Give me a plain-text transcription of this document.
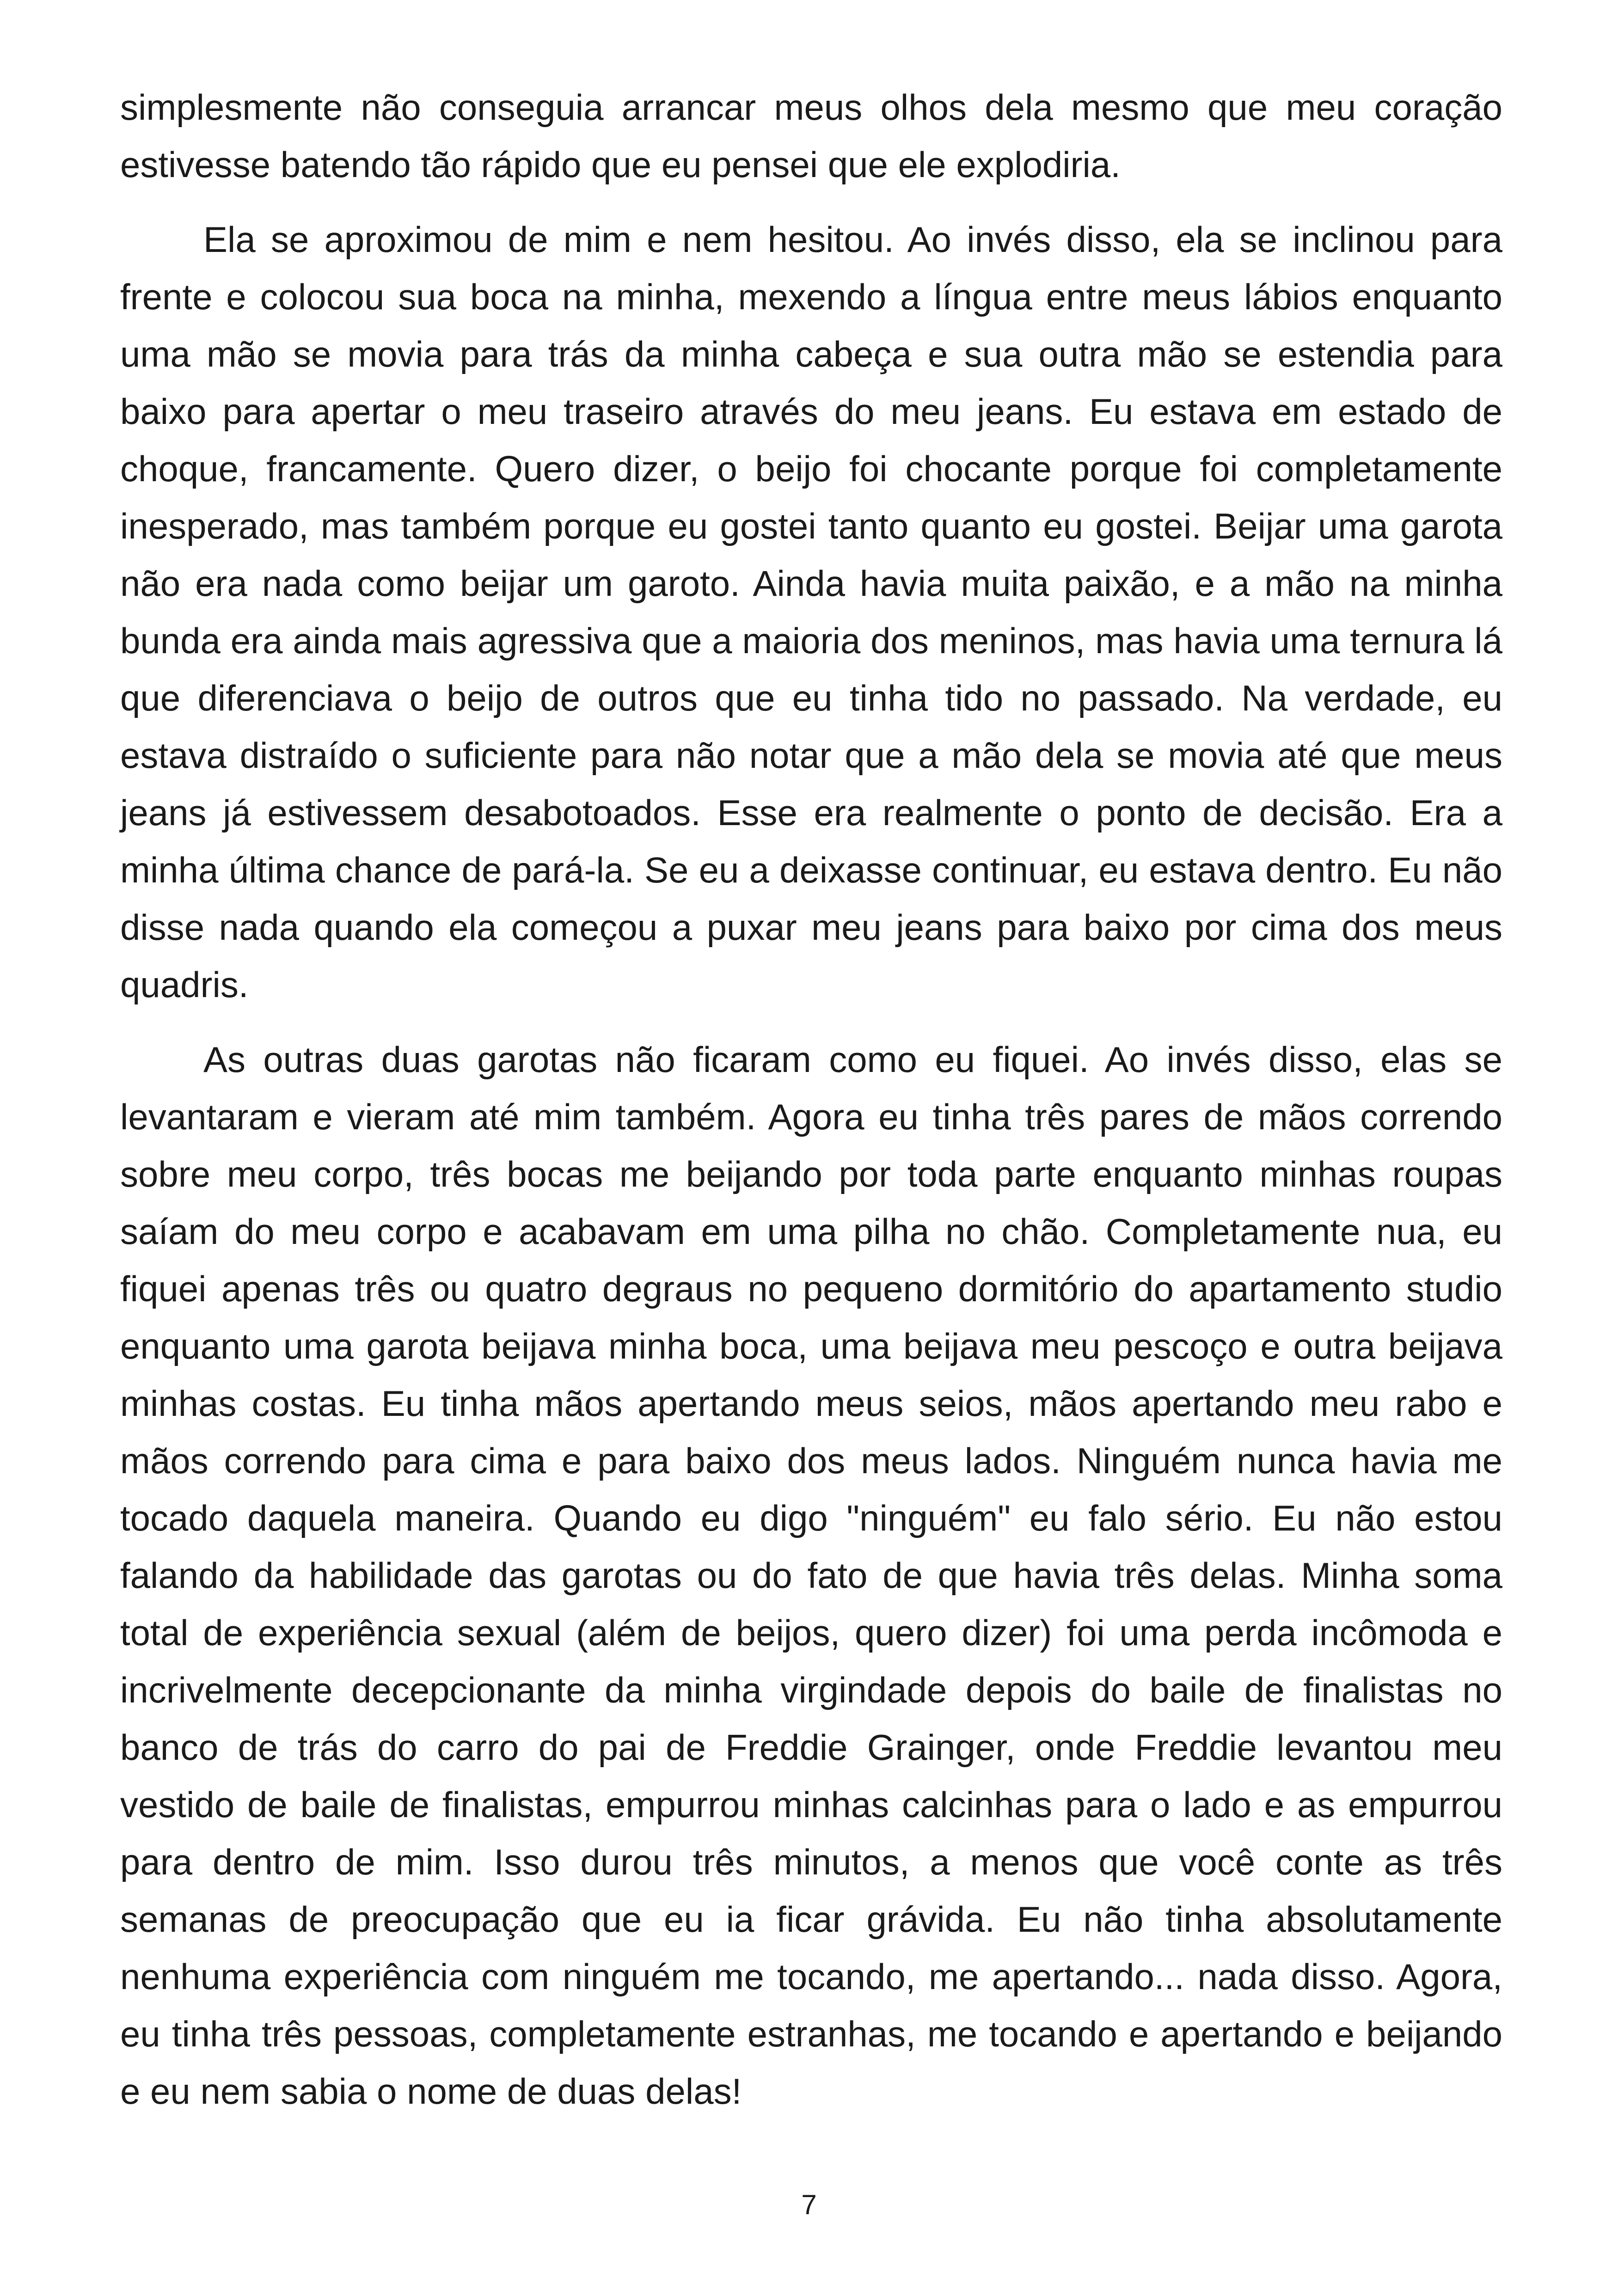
simplesmente não conseguia arrancar meus olhos dela mesmo que meu coração estivesse batendo tão rápido que eu pensei que ele explodiria.

Ela se aproximou de mim e nem hesitou. Ao invés disso, ela se inclinou para frente e colocou sua boca na minha, mexendo a língua entre meus lábios enquanto uma mão se movia para trás da minha cabeça e sua outra mão se estendia para baixo para apertar o meu traseiro através do meu jeans. Eu estava em estado de choque, francamente. Quero dizer, o beijo foi chocante porque foi completamente inesperado, mas também porque eu gostei tanto quanto eu gostei. Beijar uma garota não era nada como beijar um garoto. Ainda havia muita paixão, e a mão na minha bunda era ainda mais agressiva que a maioria dos meninos, mas havia uma ternura lá que diferenciava o beijo de outros que eu tinha tido no passado. Na verdade, eu estava distraído o suficiente para não notar que a mão dela se movia até que meus jeans já estivessem desabotoados. Esse era realmente o ponto de decisão. Era a minha última chance de pará-la. Se eu a deixasse continuar, eu estava dentro. Eu não disse nada quando ela começou a puxar meu jeans para baixo por cima dos meus quadris.

As outras duas garotas não ficaram como eu fiquei. Ao invés disso, elas se levantaram e vieram até mim também. Agora eu tinha três pares de mãos correndo sobre meu corpo, três bocas me beijando por toda parte enquanto minhas roupas saíam do meu corpo e acabavam em uma pilha no chão. Completamente nua, eu fiquei apenas três ou quatro degraus no pequeno dormitório do apartamento studio enquanto uma garota beijava minha boca, uma beijava meu pescoço e outra beijava minhas costas. Eu tinha mãos apertando meus seios, mãos apertando meu rabo e mãos correndo para cima e para baixo dos meus lados. Ninguém nunca havia me tocado daquela maneira. Quando eu digo "ninguém" eu falo sério. Eu não estou falando da habilidade das garotas ou do fato de que havia três delas. Minha soma total de experiência sexual (além de beijos, quero dizer) foi uma perda incômoda e incrivelmente decepcionante da minha virgindade depois do baile de finalistas no banco de trás do carro do pai de Freddie Grainger, onde Freddie levantou meu vestido de baile de finalistas, empurrou minhas calcinhas para o lado e as empurrou para dentro de mim. Isso durou três minutos, a menos que você conte as três semanas de preocupação que eu ia ficar grávida. Eu não tinha absolutamente nenhuma experiência com ninguém me tocando, me apertando... nada disso. Agora, eu tinha três pessoas, completamente estranhas, me tocando e apertando e beijando e eu nem sabia o nome de duas delas!

7
